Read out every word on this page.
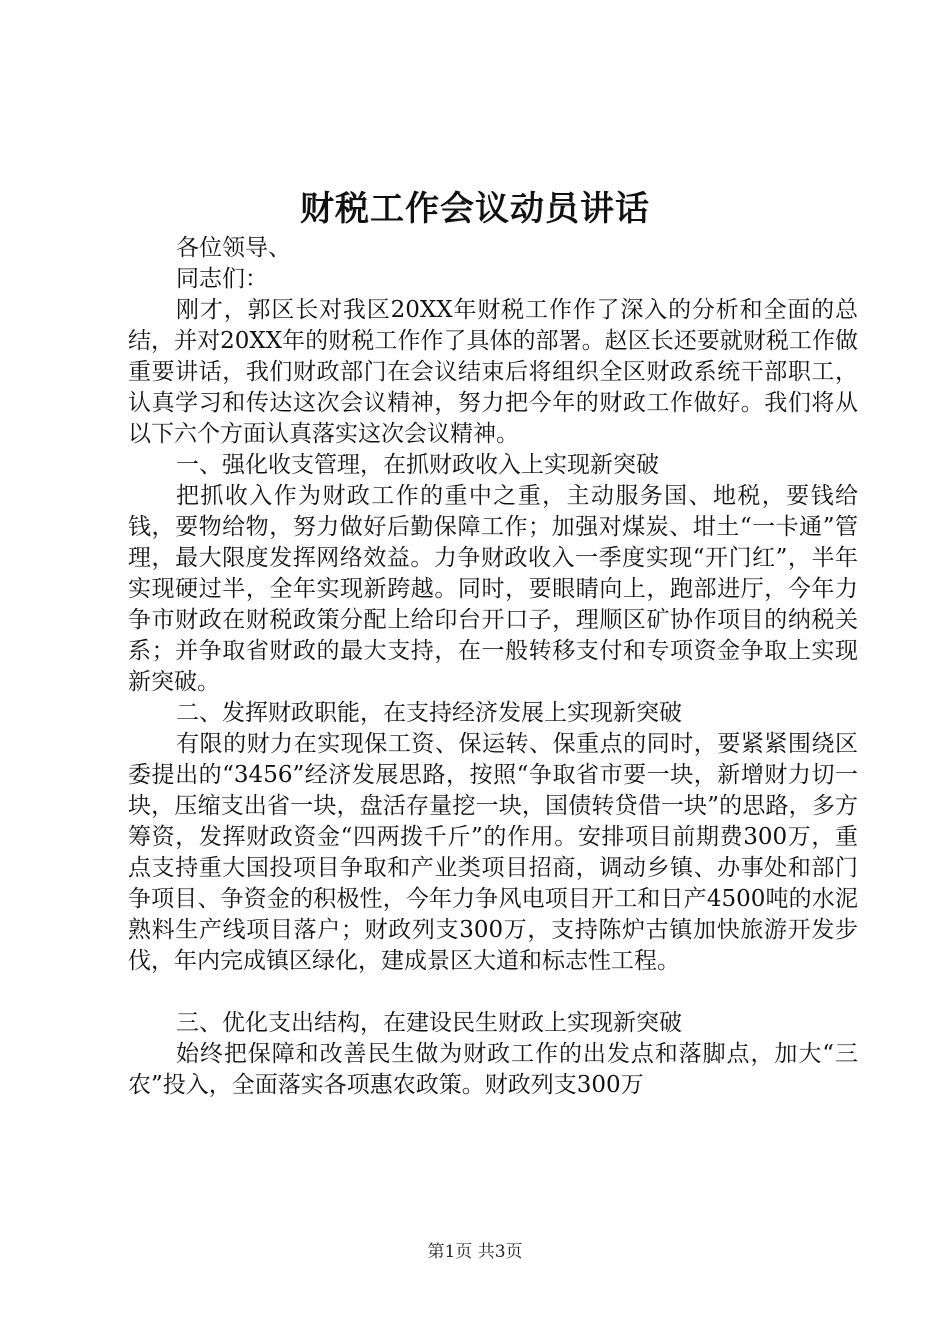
财税工作会议动员讲话

各位领导、

同志们：

刚才，郭区长对我区20XX年财税工作作了深入的分析和全面的总结，并对20XX年的财税工作作了具体的部署。赵区长还要就财税工作做重要讲话，我们财政部门在会议结束后将组织全区财政系统干部职工，认真学习和传达这次会议精神，努力把今年的财政工作做好。我们将从以下六个方面认真落实这次会议精神。

一、强化收支管理，在抓财政收入上实现新突破

把抓收入作为财政工作的重中之重，主动服务国、地税，要钱给钱，要物给物，努力做好后勤保障工作；加强对煤炭、坩土“一卡通”管理，最大限度发挥网络效益。力争财政收入一季度实现“开门红”，半年实现硬过半，全年实现新跨越。同时，要眼睛向上，跑部进厅，今年力争市财政在财税政策分配上给印台开口子，理顺区矿协作项目的纳税关系；并争取省财政的最大支持，在一般转移支付和专项资金争取上实现新突破。

二、发挥财政职能，在支持经济发展上实现新突破

有限的财力在实现保工资、保运转、保重点的同时，要紧紧围绕区委提出的“3456”经济发展思路，按照“争取省市要一块，新增财力切一块，压缩支出省一块，盘活存量挖一块，国债转贷借一块”的思路，多方筹资，发挥财政资金“四两拨千斤”的作用。安排项目前期费300万，重点支持重大国投项目争取和产业类项目招商，调动乡镇、办事处和部门争项目、争资金的积极性，今年力争风电项目开工和日产4500吨的水泥熟料生产线项目落户；财政列支300万，支持陈炉古镇加快旅游开发步伐，年内完成镇区绿化，建成景区大道和标志性工程。

三、优化支出结构，在建设民生财政上实现新突破

始终把保障和改善民生做为财政工作的出发点和落脚点，加大“三农”投入，全面落实各项惠农政策。财政列支300万

第1页 共3页
